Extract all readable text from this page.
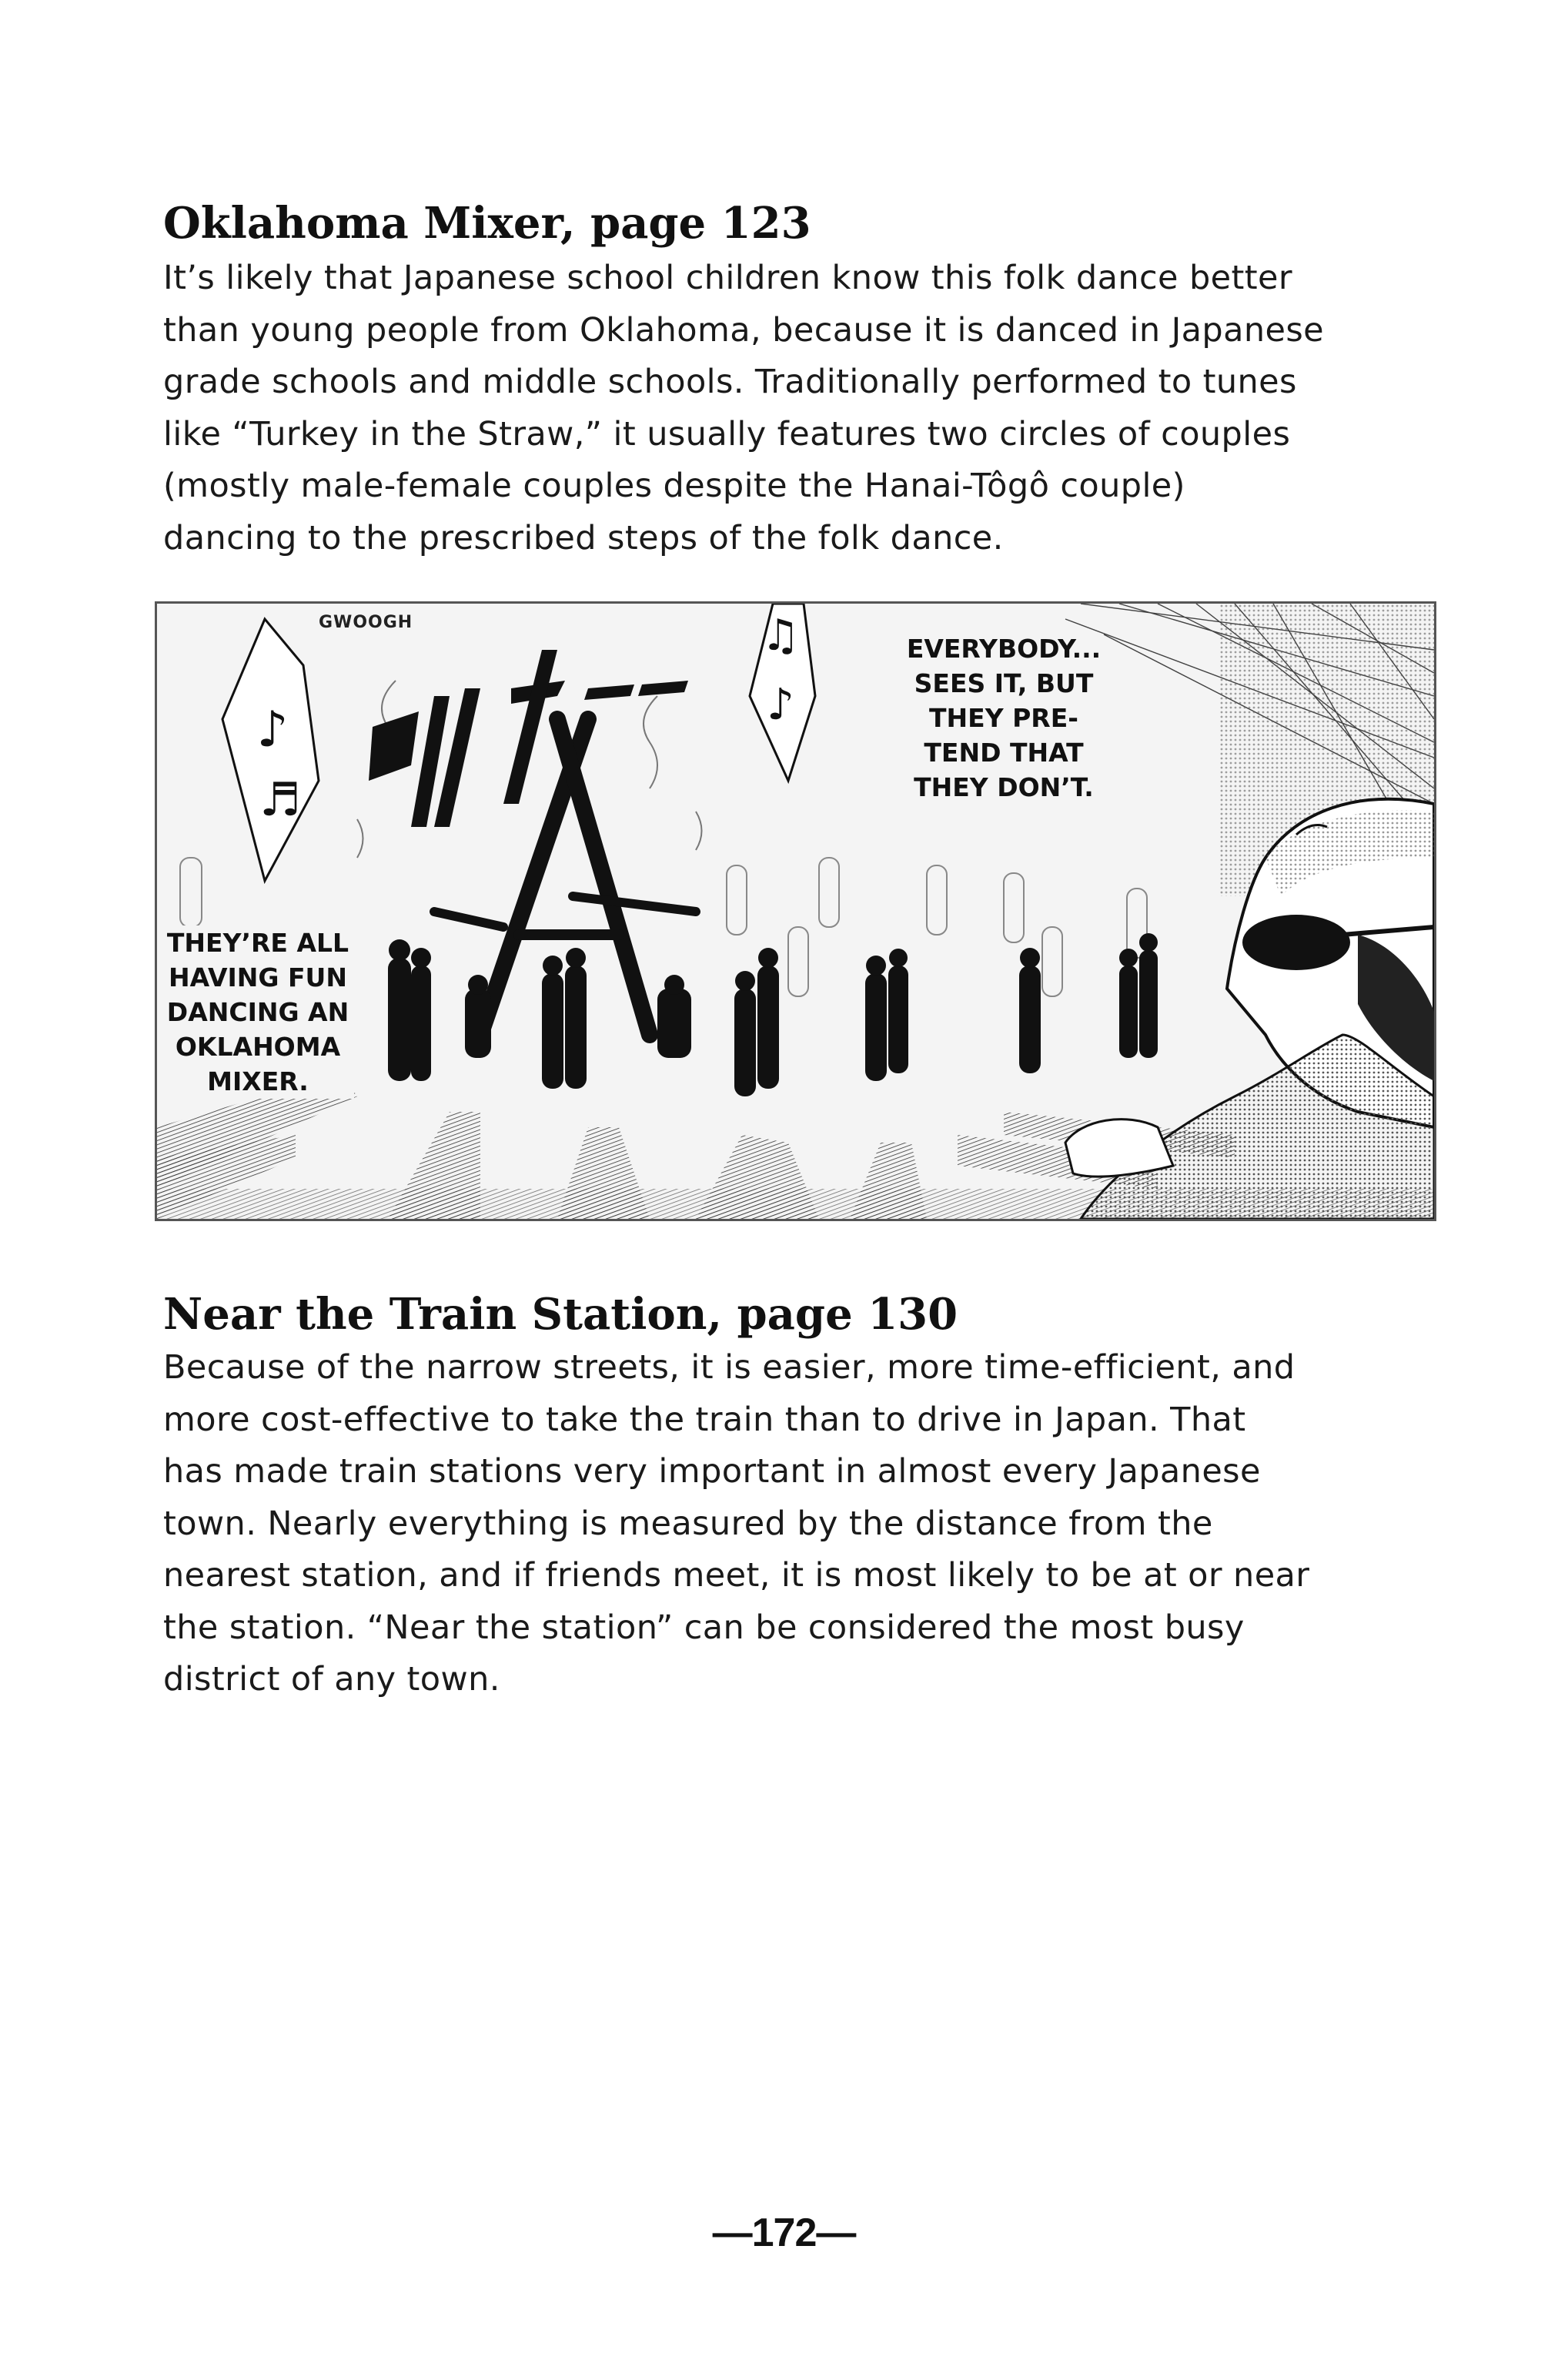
Oklahoma Mixer, page 123

It’s likely that Japanese school children know this folk dance better
than young people from Oklahoma, because it is danced in Japanese
grade schools and middle schools. Traditionally performed to tunes
like “Turkey in the Straw,” it usually features two circles of couples
(mostly male-female couples despite the Hanai-Tôgô couple)
dancing to the prescribed steps of the folk dance.

♪
♬
♫
♪
GWOOGH
EVERYBODY...
SEES IT, BUT
THEY PRE-
TEND THAT
THEY DON’T.
THEY’RE ALL
HAVING FUN
DANCING AN
OKLAHOMA
MIXER.
Near the Train Station, page 130

Because of the narrow streets, it is easier, more time-efficient, and
more cost-effective to take the train than to drive in Japan. That
has made train stations very important in almost every Japanese
town. Nearly everything is measured by the distance from the
nearest station, and if friends meet, it is most likely to be at or near
the station. “Near the station” can be considered the most busy
district of any town.

—172—
